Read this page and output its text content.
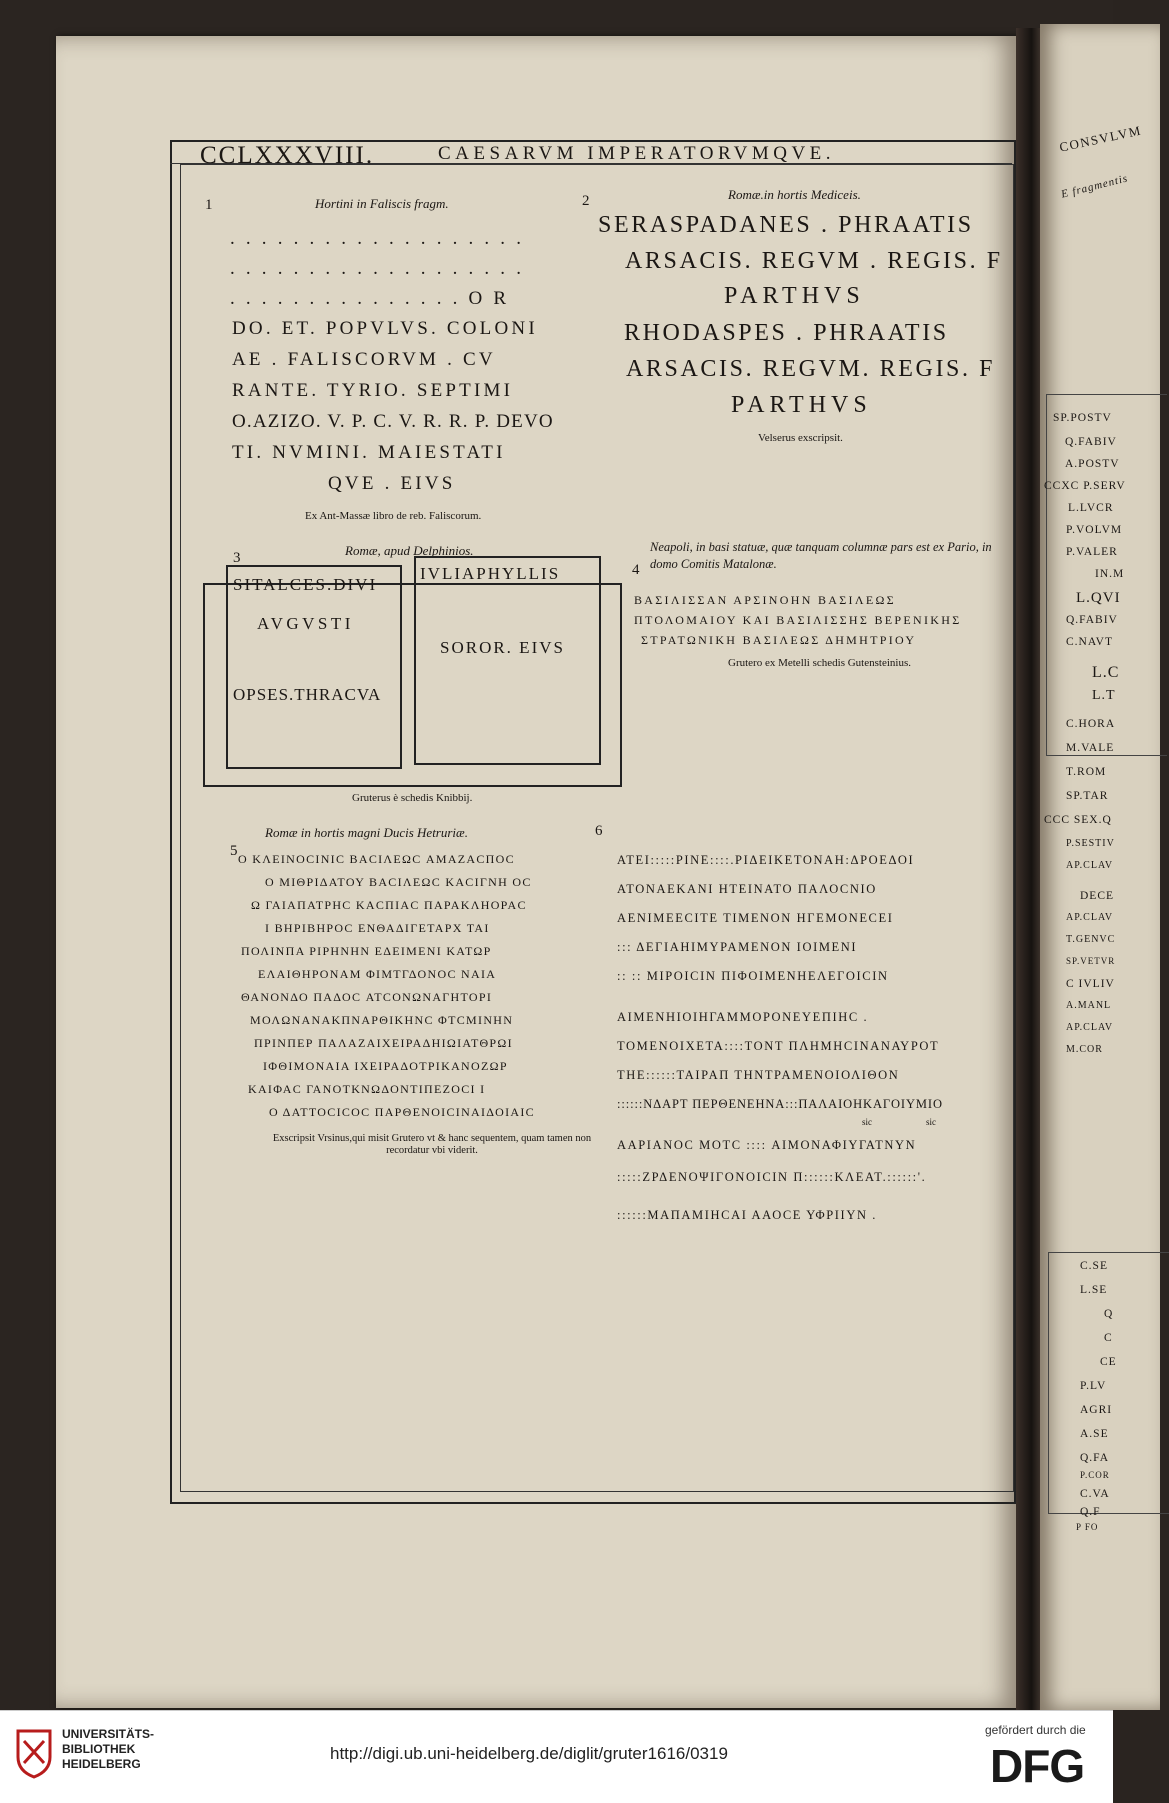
CCLXXXVIII.	CAESARVM IMPERATORVMQVE.
1	Hortini in Faliscis fragm.
. . . . . . . . . . . . . . . . . . .
. . . . . . . . . . . . . . . . . . .
. . . . . . . . . . . . . . . O R
DO. ET. POPVLVS. COLONI
AE . FALISCORVM . CV
RANTE. TYRIO. SEPTIMI
O.AZIZO. V. P. C. V. R. R. P. DEVO
TI. NVMINI. MAIESTATI
QVE . EIVS
Ex Ant-Massæ libro de reb. Faliscorum.
2	Romæ.in hortis Mediceis.
SERASPADANES . PHRAATIS
ARSACIS. REGVM . REGIS. F
PARTHVS
RHODASPES . PHRAATIS
ARSACIS. REGVM. REGIS. F
PARTHVS
Velserus exscripsit.
3	Romæ, apud Delphinios.
SITALCES.DIVI
AVGVSTI
OPSES.THRACVA
IVLIAPHYLLIS
SOROR. EIVS
Gruterus è schedis Knibbij.
Neapoli, in basi statuæ, quæ tanquam columnæ pars est ex Pario, in domo Comitis Matalonæ.
4
ΒΑΣΙΛΙΣΣΑΝ ΑΡΣΙΝΟΗΝ ΒΑΣΙΛΕΩΣ
ΠΤΟΛΟΜΑΙΟΥ ΚΑΙ ΒΑΣΙΛΙΣΣΗΣ ΒΕΡΕΝΙΚΗΣ
ΣΤΡΑΤΩΝΙΚΗ ΒΑΣΙΛΕΩΣ ΔΗΜΗΤΡΙΟΥ
Grutero ex Metelli schedis Gutensteinius.
Romæ in hortis magni Ducis Hetruriæ.
5 Ο ΚΛΕΙΝΟCΙΝΙC ΒΑCΙΛΕΩC ΑΜΑΖΑCΠΟC
Ο ΜΙΘΡΙΔΑΤΟΥ ΒΑCΙΛΕΩC ΚΑCΙΓΝΗ ΟC
Ω ΓΑΙΑΠΑΤΡΗC ΚΑCΠΙΑC ΠΑΡΑΚΛΗΟΡΑC
Ι ΒΗΡΙΒΗΡΟC ΕΝΘΑΔΙΓΕΤΑΡΧ ΤΑΙ
ΠΟΛΙΝΠΑ ΡΙΡΗΝΗΝ ΕΔΕΙΜΕΝΙ ΚΑΤΩΡ
ΕΛΑΙΘΗΡΟΝΑΜ ΦΙΜΤΓΔΟΝΟC ΝΑΙΑ
ΘΑΝΟΝΔΟ ΠΑΔΟC ΑΤCΟΝΩΝΑΓΗΤΟΡΙ
ΜΟΛΩΝΑΝΑΚΠΝΑΡΘΙΚΗΝC ΦΤCΜΙΝΗΝ
ΠΡΙΝΠΕΡ ΠΑΛΑΖΑΙΧΕΙΡΑΔΗΙΩΙΑΤΘΡΩΙ
ΙΦΘΙΜΟΝΑΙΑ ΙΧΕΙΡΑΔΟΤΡΙΚΑΝΟΖΩΡ
ΚΑΙΦΑC ΓΑΝΟΤΚΝΩΔΟΝΤΙΠΕΖΟCΙ Ι
Ο ΔΑΤΤΟCΙCΟC ΠΑΡΘΕΝΟΙCΙΝΑΙΔΟΙΑΙC
Exscripsit Vrsinus,qui misit Grutero vt & hanc sequentem, quam tamen non recordatur vbi viderit.
6
ΑΤΕΙ:::::ΡΙΝΕ::::.ΡΙΔΕΙΚΕΤΟΝΑΗ:ΔΡΟΕΔΟΙ
ΑΤΟΝΑΕΚΑΝΙ ΗΤΕΙΝΑΤΟ ΠΑΛΟCΝΙΟ
ΑΕΝΙΜΕΕCΙΤΕ ΤΙΜΕΝΟΝ ΗΓΕΜΟΝΕCΕΙ
::: ΔΕΓΙΑΗΙΜΥΡΑΜΕΝΟΝ ΙΟΙΜΕΝΙ
:: :: ΜΙΡΟΙCΙΝ ΠΙΦΟΙΜΕΝΗΕΛΕΓΟΙCΙΝ
ΑΙΜΕΝΗΙΟΙΗΓΑΜΜΟΡΟΝΕΥΕΠΙΗC .
ΤΟΜΕΝΟΙΧΕΤΑ::::ΤΟΝΤ ΠΛΗΜΗCΙΝΑΝΑΥΡΟΤ
ΤΗΕ::::::ΤΑΙΡΑΠ ΤΗΝΤΡΑΜΕΝΟΙΟΛΙΘΟΝ
::::::ΝΔΑΡΤ ΠΕΡΘΕΝΕΗΝΑ:::ΠΑΛΑΙΟΗΚΑΓΟΙΥΜΙΟ
sic	sic
ΑΑΡΙΑΝΟC ΜΟΤC :::: ΑΙΜΟΝΑΦΙΥΓΑΤΝΥΝ
:::::ΖΡΔΕΝΟΨΙΓΟΝΟΙCΙΝ Π::::::ΚΛΕΑΤ.::::::'.
::::::ΜΑΠΑΜΙΗCΑΙ ΑΑΟCΕ ΥΦΡΙΙΥΝ .
CONSVLVM
E fragmentis
SP.POSTV
Q.FABIV
A.POSTV
CCXC P.SERV
L.LVCR
P.VOLVM
P.VALER
IN.M
L.QVI
Q.FABIV
C.NAVT
L.C
L.T
C.HORA
M.VALE
T.ROM
SP.TAR
CCC SEX.Q
P.SESTIV
AP.CLAV
DECE
AP.CLAV
T.GENVC
SP.VETVR
C IVLIV
A.MANL
AP.CLAV
M.COR
C.SE
L.SE
Q
C
CE
P.LV
AGRI
A.SE
Q.FA
P.COR
C.VA
Q.F
P FO
UNIVERSITÄTS-
BIBLIOTHEK
HEIDELBERG
http://digi.ub.uni-heidelberg.de/diglit/gruter1616/0319
gefördert durch die
DFG
